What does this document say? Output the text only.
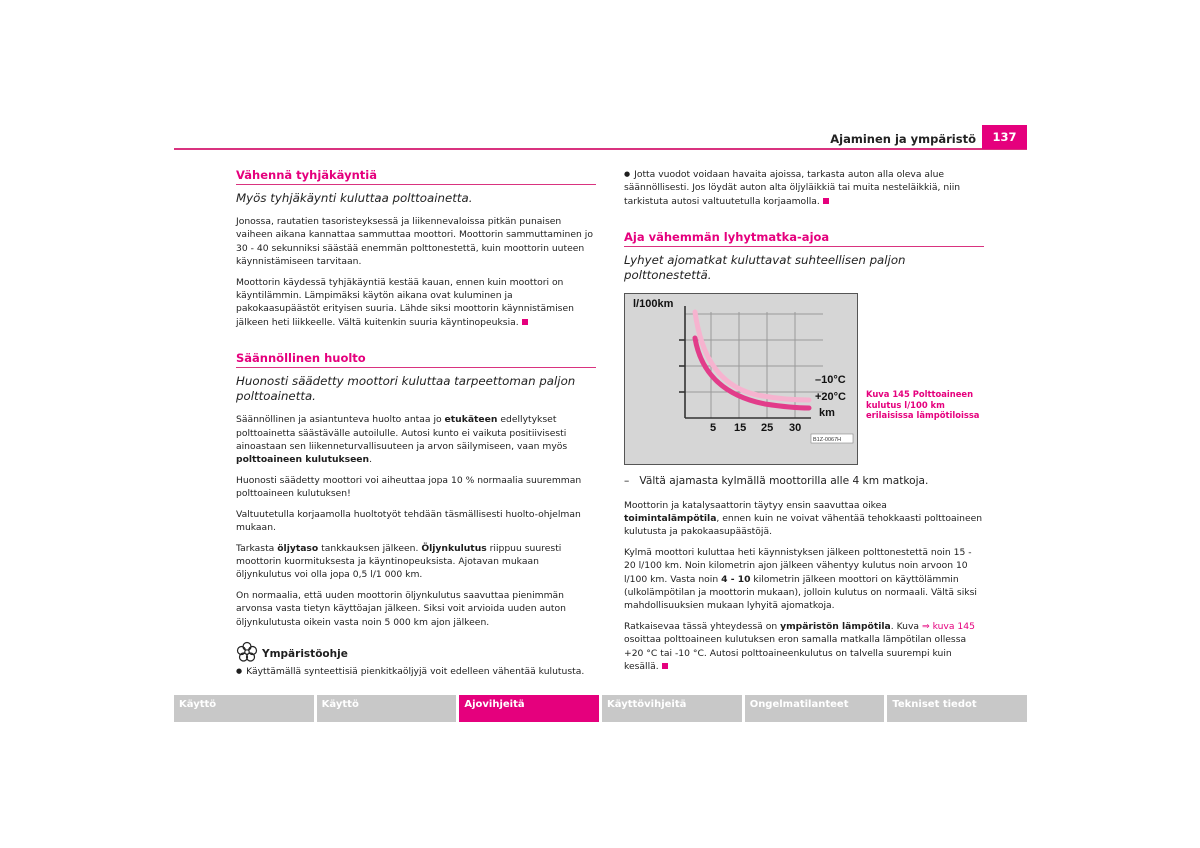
Ajaminen ja ympäristö	137
Vähennä tyhjäkäyntiä
Myös tyhjäkäynti kuluttaa polttoainetta.

Jonossa, rautatien tasoristeyksessä ja liikennevaloissa pitkän punaisen vaiheen aikana kannattaa sammuttaa moottori. Moottorin sammuttaminen jo 30 - 40 sekunniksi säästää enemmän polttonestettä, kuin moottorin uuteen käynnistämiseen tarvitaan.

Moottorin käydessä tyhjäkäyntiä kestää kauan, ennen kuin moottori on käyntilämmin. Lämpimäksi käytön aikana ovat kuluminen ja pakokaasupäästöt erityisen suuria. Lähde siksi moottorin käynnistämisen jälkeen heti liikkeelle. Vältä kuitenkin suuria käyntinopeuksia.

Säännöllinen huolto
Huonosti säädetty moottori kuluttaa tarpeettoman paljon polttoainetta.

Säännöllinen ja asiantunteva huolto antaa jo etukäteen edellytykset polttoainetta säästävälle autoilulle. Autosi kunto ei vaikuta positiivisesti ainoastaan sen liikenneturvallisuuteen ja arvon säilymiseen, vaan myös polttoaineen kulutukseen.

Huonosti säädetty moottori voi aiheuttaa jopa 10 % normaalia suuremman polttoaineen kulutuksen!

Valtuutetulla korjaamolla huoltotyöt tehdään täsmällisesti huolto-ohjelman mukaan.

Tarkasta öljytaso tankkauksen jälkeen. Öljynkulutus riippuu suuresti moottorin kuormituksesta ja käyntinopeuksista. Ajotavan mukaan öljynkulutus voi olla jopa 0,5 l/1 000 km.

On normaalia, että uuden moottorin öljynkulutus saavuttaa pienimmän arvonsa vasta tietyn käyttöajan jälkeen. Siksi voit arvioida uuden auton öljynkulutusta oikein vasta noin 5 000 km ajon jälkeen.

Ympäristöohje

● Käyttämällä synteettisiä pienkitkaöljyjä voit edelleen vähentää kulutusta.

● Jotta vuodot voidaan havaita ajoissa, tarkasta auton alla oleva alue säännöllisesti. Jos löydät auton alta öljyläikkiä tai muita nesteläikkiä, niin tarkistuta autosi valtuutetulla korjaamolla.

Aja vähemmän lyhytmatka-ajoa
Lyhyet ajomatkat kuluttavat suhteellisen paljon polttonestettä.
l/100km
–10°C
+20°C
km
5 15 25 30
B1Z-0067H
–   Vältä ajamasta kylmällä moottorilla alle 4 km matkoja.

Moottorin ja katalysaattorin täytyy ensin saavuttaa oikea toimintalämpötila, ennen kuin ne voivat vähentää tehokkaasti polttoaineen kulutusta ja pakokaasupäästöjä.

Kylmä moottori kuluttaa heti käynnistyksen jälkeen polttonestettä noin 15 - 20 l/100 km. Noin kilometrin ajon jälkeen vähentyy kulutus noin arvoon 10 l/100 km. Vasta noin 4 - 10 kilometrin jälkeen moottori on käyttölämmin (ulkolämpötilan ja moottorin mukaan), jolloin kulutus on normaali. Vältä siksi mahdollisuuksien mukaan lyhyitä ajomatkoja.

Ratkaisevaa tässä yhteydessä on ympäristön lämpötila. Kuva ⇒ kuva 145 osoittaa polttoaineen kulutuksen eron samalla matkalla lämpötilan ollessa +20 °C tai -10 °C. Autosi polttoaineenkulutus on talvella suurempi kuin kesällä.

Kuva 145 Polttoaineen kulutus l/100 km erilaisissa lämpötiloissa
Käyttö	Käyttö	Ajovihjeitä	Käyttövihjeitä	Ongelmatilanteet	Tekniset tiedot
